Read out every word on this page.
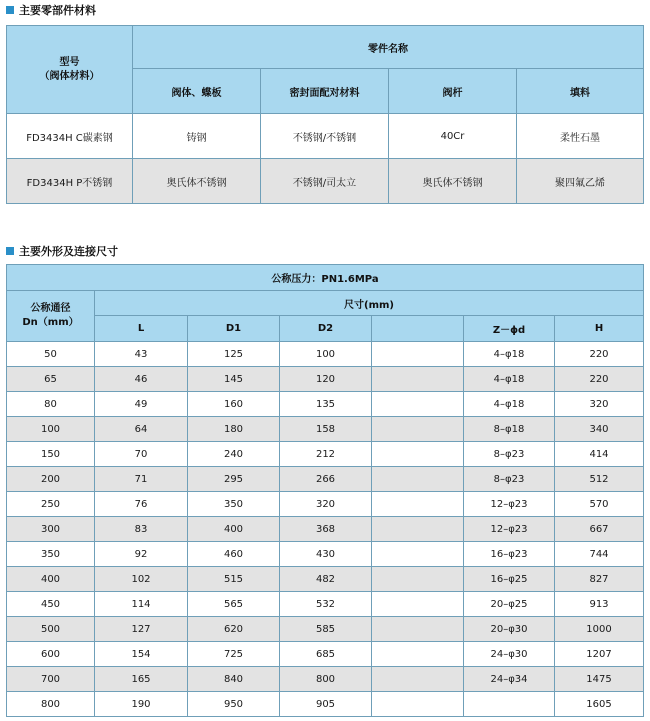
主要零部件材料
型号
（阀体材料）	零件名称			
	阀体、蝶板	密封面配对材料	阀杆	填料
FD3434H C碳素钢	铸钢	不锈钢/不锈钢	40Cr	柔性石墨
FD3434H P不锈钢	奥氏体不锈钢	不锈钢/司太立	奥氏体不锈钢	聚四氟乙烯
主要外形及连接尺寸
公称压力：PN1.6MPa						

公称通径
Dn（mm）	尺寸(mm)					
	L	D1	D2		Z－ϕd	H
50	43	125	100		4–φ18	220
65	46	145	120		4–φ18	220
80	49	160	135		4–φ18	320
100	64	180	158		8–φ18	340
150	70	240	212		8–φ23	414
200	71	295	266		8–φ23	512
250	76	350	320		12–φ23	570
300	83	400	368		12–φ23	667
350	92	460	430		16–φ23	744
400	102	515	482		16–φ25	827
450	114	565	532		20–φ25	913
500	127	620	585		20–φ30	1000
600	154	725	685		24–φ30	1207
700	165	840	800		24–φ34	1475
800	190	950	905			1605
